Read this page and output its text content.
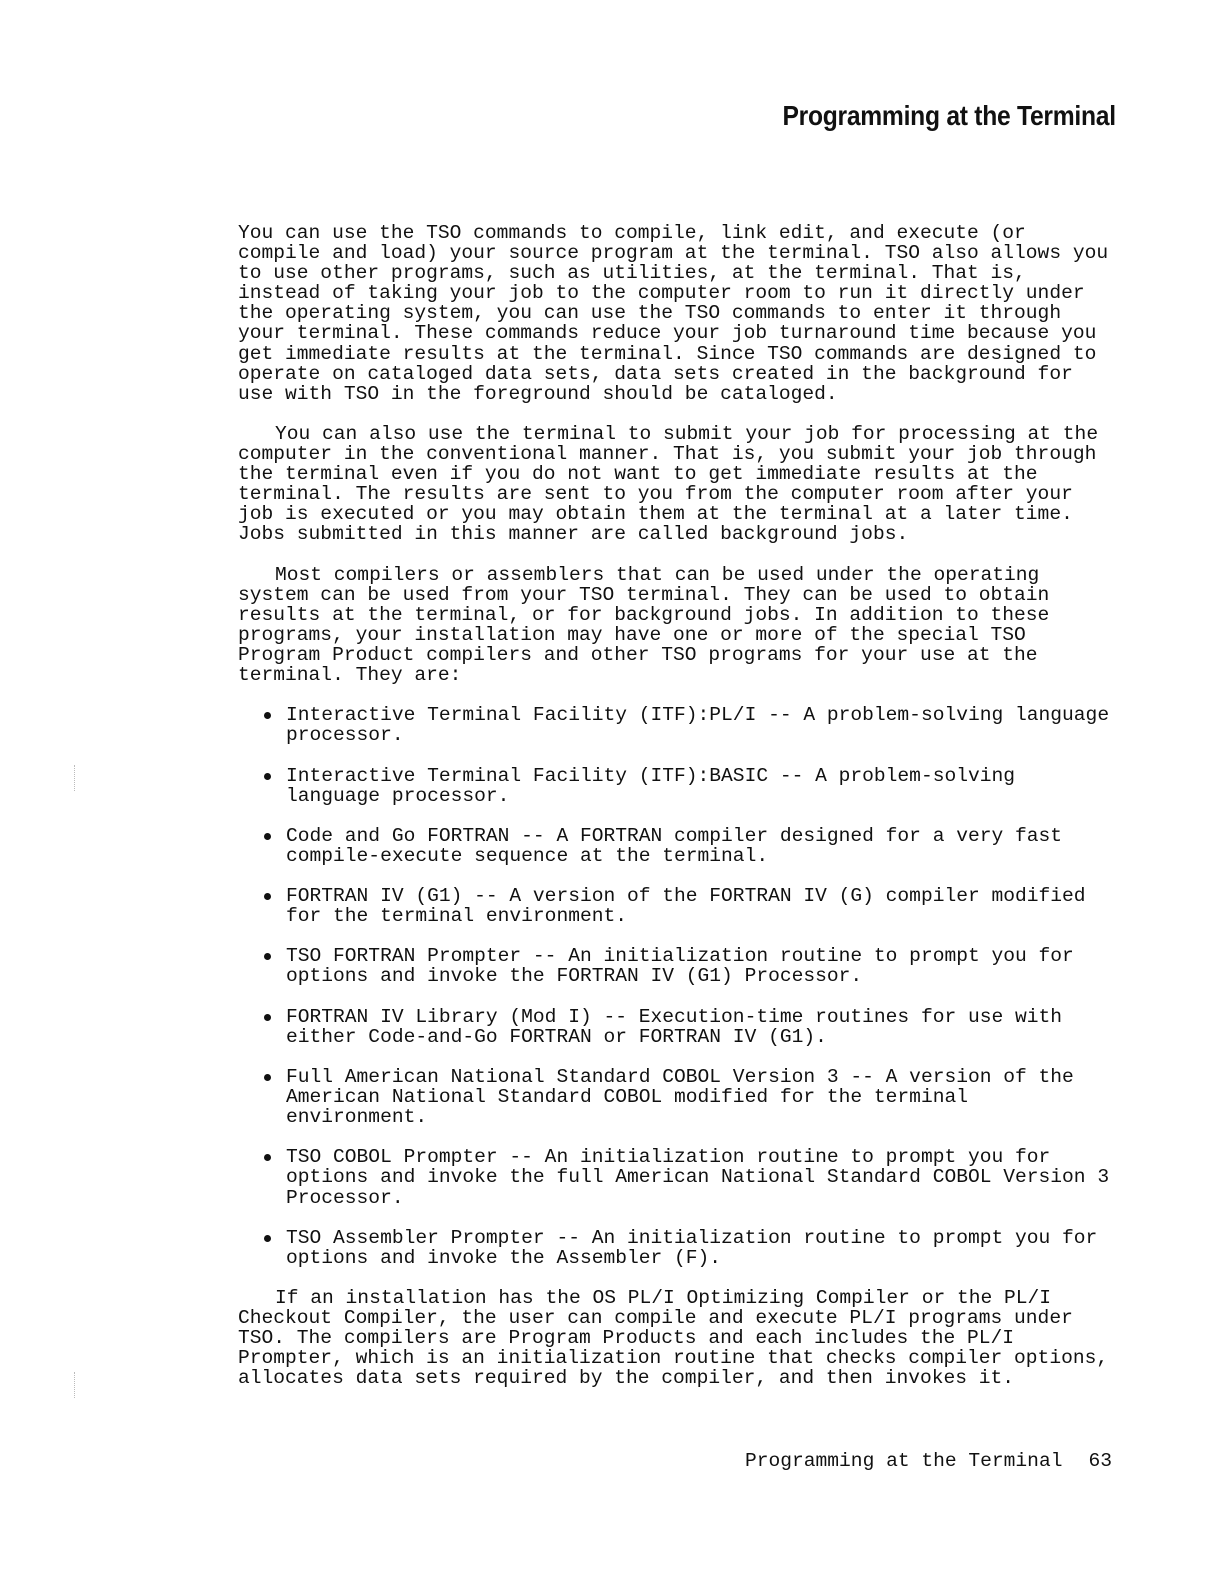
Programming at the Terminal

You can use the TSO commands to compile, link edit, and execute (or compile and load) your source program at the terminal. TSO also allows you to use other programs, such as utilities, at the terminal. That is, instead of taking your job to the computer room to run it directly under the operating system, you can use the TSO commands to enter it through your terminal. These commands reduce your job turnaround time because you get immediate results at the terminal. Since TSO commands are designed to operate on cataloged data sets, data sets created in the background for use with TSO in the foreground should be cataloged.

You can also use the terminal to submit your job for processing at the computer in the conventional manner. That is, you submit your job through the terminal even if you do not want to get immediate results at the terminal. The results are sent to you from the computer room after your job is executed or you may obtain them at the terminal at a later time. Jobs submitted in this manner are called background jobs.

Most compilers or assemblers that can be used under the operating system can be used from your TSO terminal. They can be used to obtain results at the terminal, or for background jobs. In addition to these programs, your installation may have one or more of the special TSO Program Product compilers and other TSO programs for your use at the terminal. They are:

Interactive Terminal Facility (ITF):PL/I -- A problem-solving language processor.
Interactive Terminal Facility (ITF):BASIC -- A problem-solving language processor.
Code and Go FORTRAN -- A FORTRAN compiler designed for a very fast compile-execute sequence at the terminal.
FORTRAN IV (G1) -- A version of the FORTRAN IV (G) compiler modified for the terminal environment.
TSO FORTRAN Prompter -- An initialization routine to prompt you for options and invoke the FORTRAN IV (G1) Processor.
FORTRAN IV Library (Mod I) -- Execution-time routines for use with either Code-and-Go FORTRAN or FORTRAN IV (G1).
Full American National Standard COBOL Version 3 -- A version of the American National Standard COBOL modified for the terminal environment.
TSO COBOL Prompter -- An initialization routine to prompt you for options and invoke the full American National Standard COBOL Version 3 Processor.
TSO Assembler Prompter -- An initialization routine to prompt you for options and invoke the Assembler (F).

If an installation has the OS PL/I Optimizing Compiler or the PL/I Checkout Compiler, the user can compile and execute PL/I programs under TSO. The compilers are Program Products and each includes the PL/I Prompter, which is an initialization routine that checks compiler options, allocates data sets required by the compiler, and then invokes it.

Programming at the Terminal 63
